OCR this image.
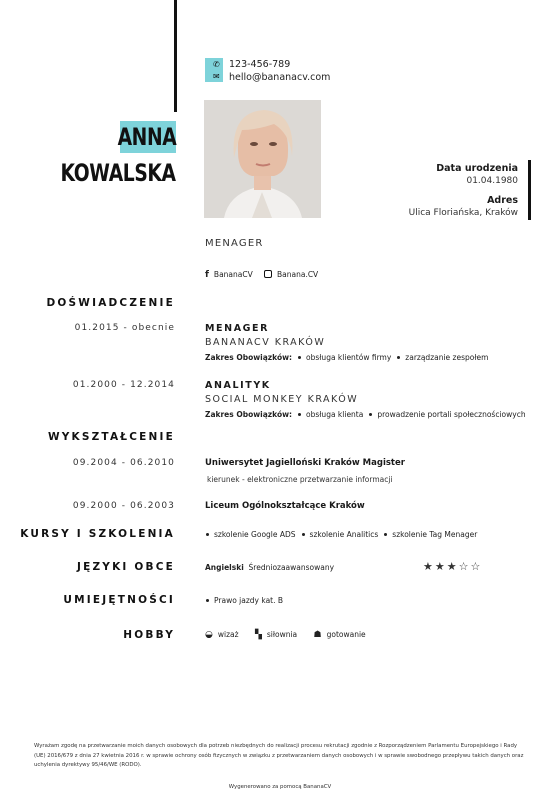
✆
✉
123-456-789
hello@bananacv.com
ANNA
KOWALSKA	Data urodzenia
01.04.1980
Adres
Ulica Floriańska, Kraków
MENAGER
f BananaCV	Banana.CV
DOŚWIADCZENIE
01.2015 - obecnie	MENAGER
BANANACV KRAKÓW
Zakres Obowiązków: obsługa klientów firmy zarządzanie zespołem
01.2000 - 12.2014	ANALITYK
SOCIAL MONKEY KRAKÓW
Zakres Obowiązków: obsługa klienta prowadzenie portali społecznościowych
WYKSZTAŁCENIE
09.2004 - 06.2010	Uniwersytet Jagielloński Kraków Magister
kierunek - elektroniczne przetwarzanie informacji
09.2000 - 06.2003	Liceum Ogólnokształcące Kraków
KURSY I SZKOLENIA	szkolenie Google ADS szkolenie Analitics szkolenie Tag Menager
JĘZYKI OBCE	Angielski Średniozaawansowany	★★★☆☆
UMIEJĘTNOŚCI	Prawo jazdy kat. B
HOBBY	◒ wizaż ▚ siłownia ☗ gotowanie
Wyrażam zgodę na przetwarzanie moich danych osobowych dla potrzeb niezbędnych do realizacji procesu rekrutacji zgodnie z Rozporządzeniem Parlamentu Europejskiego i Rady (UE) 2016/679 z dnia 27 kwietnia 2016 r. w sprawie ochrony osób fizycznych w związku z przetwarzaniem danych osobowych i w sprawie swobodnego przepływu takich danych oraz uchylenia dyrektywy 95/46/WE (RODO).
Wygenerowano za pomocą BananaCV
